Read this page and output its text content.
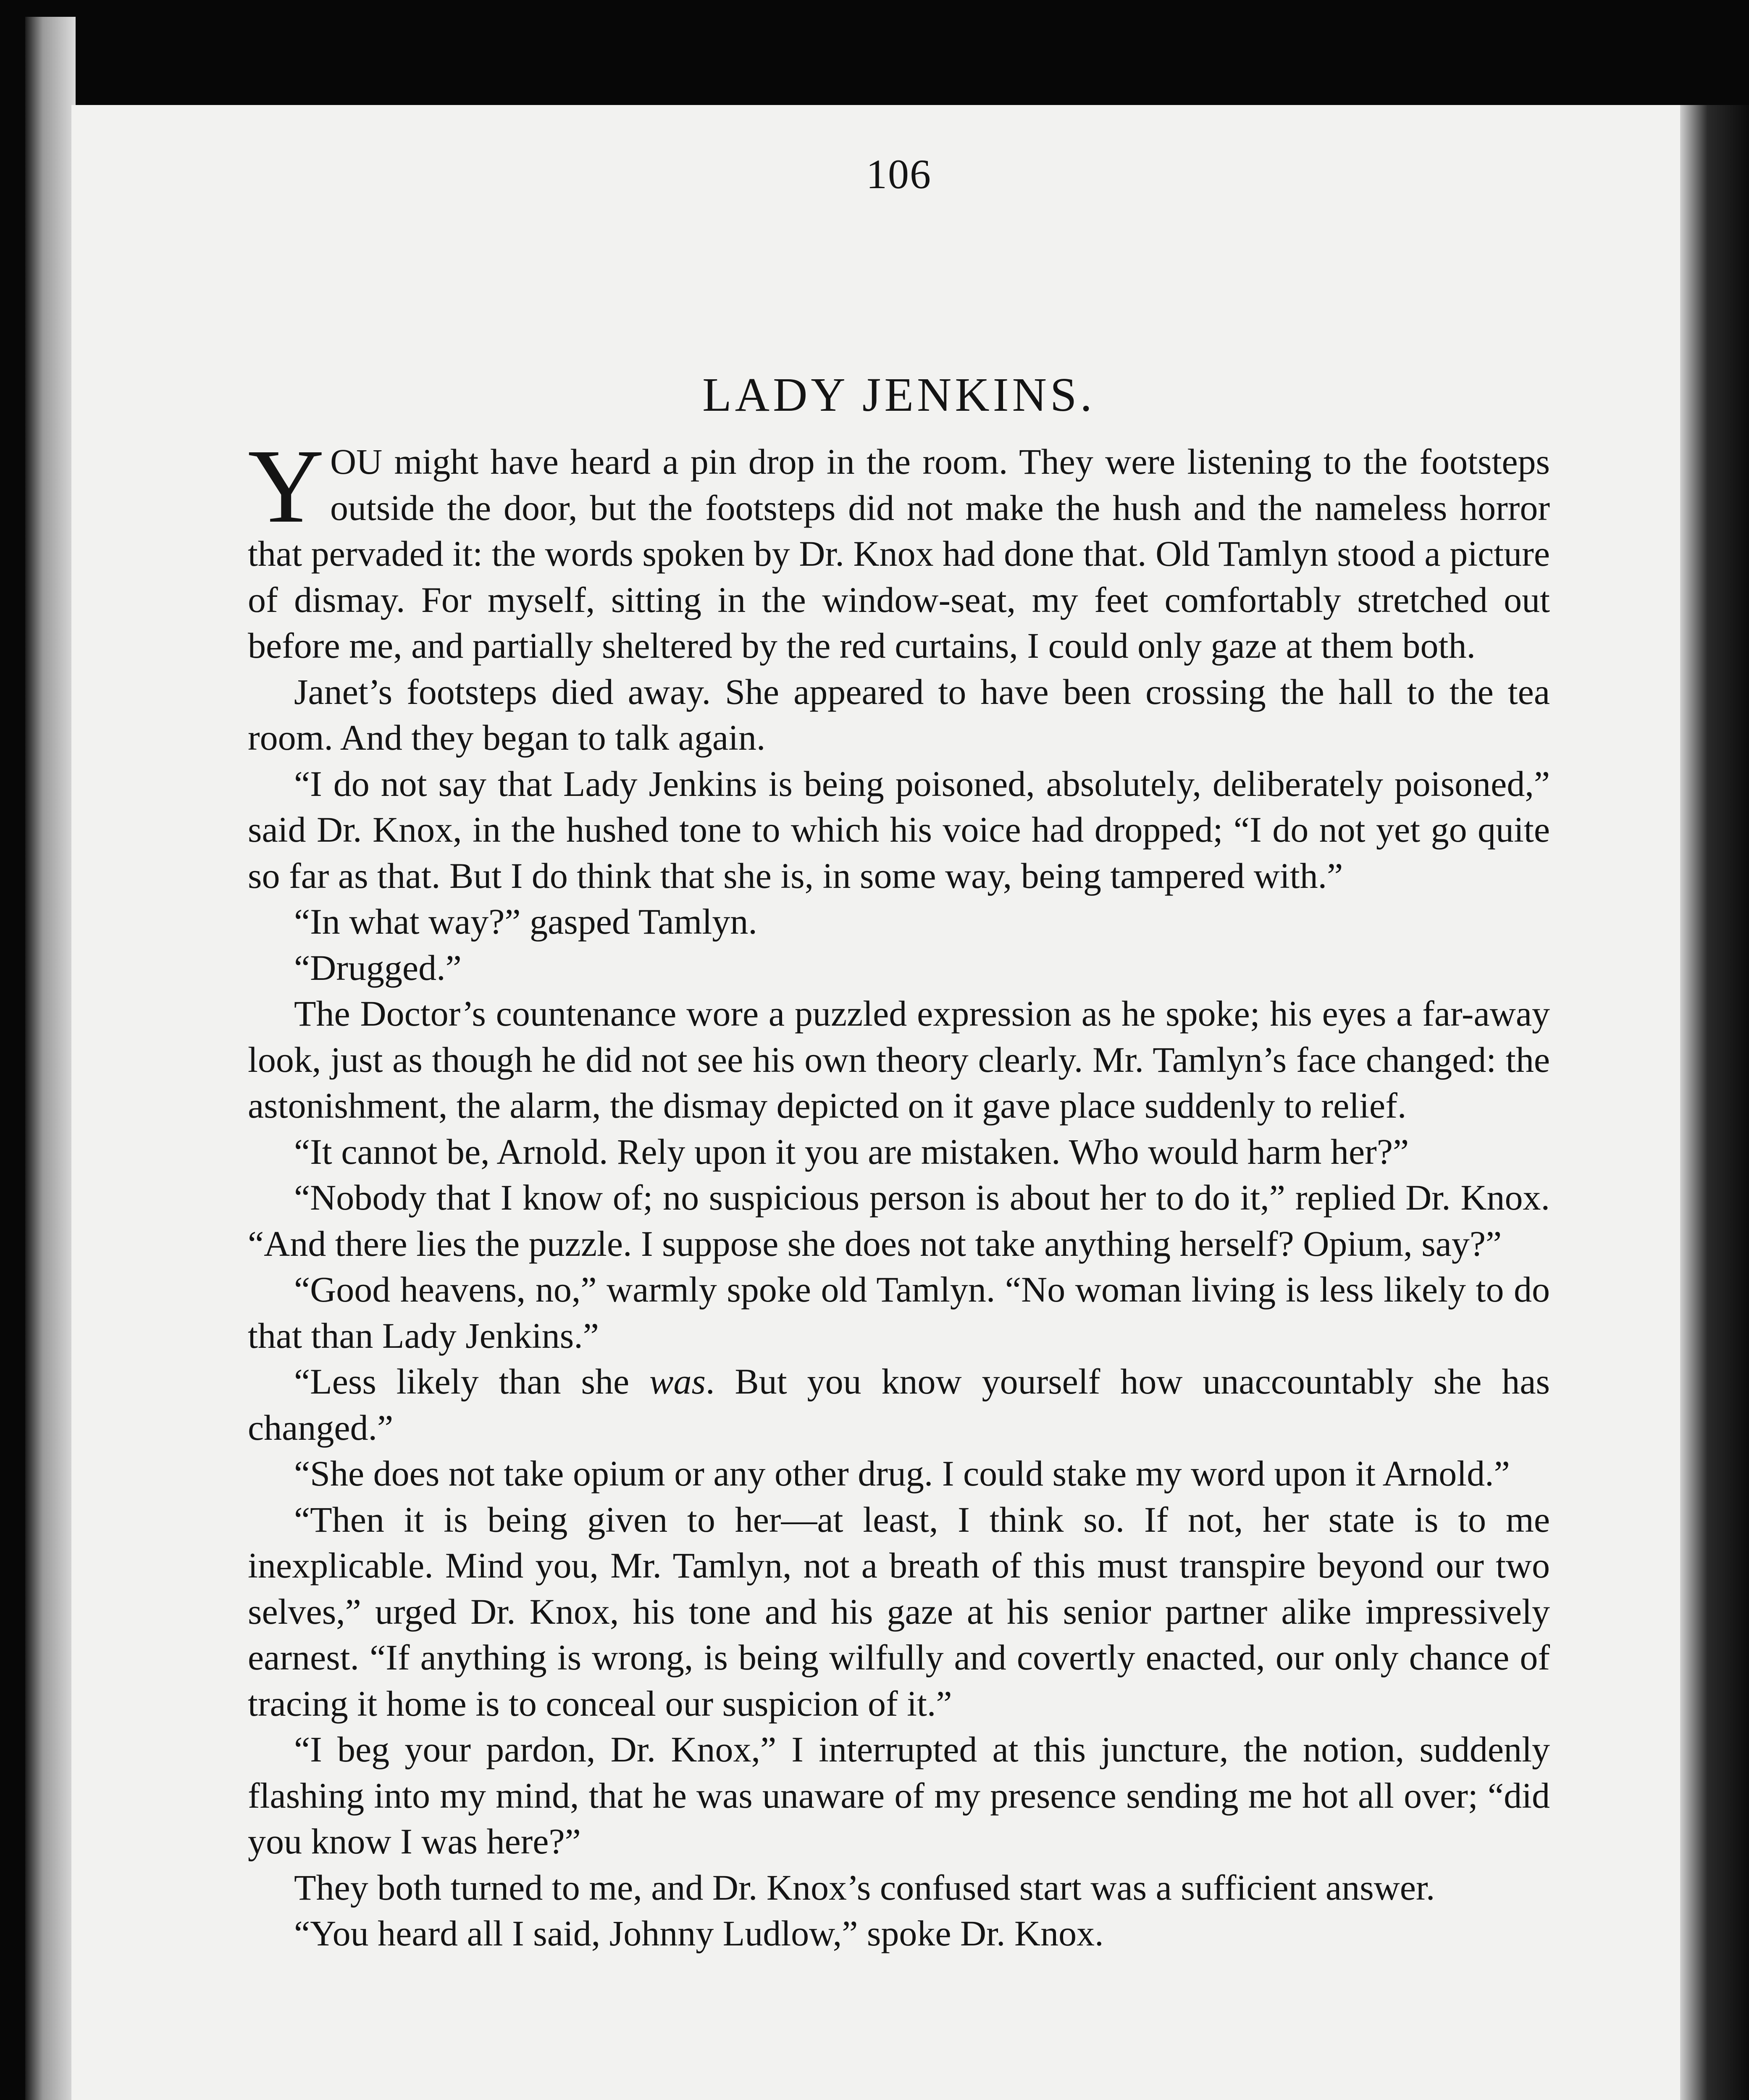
106

LADY JENKINS.

YOU might have heard a pin drop in the room. They were listening to the footsteps outside the door, but the footsteps did not make the hush and the nameless horror that pervaded it: the words spoken by Dr. Knox had done that. Old Tamlyn stood a picture of dismay. For myself, sitting in the window-seat, my feet comfortably stretched out before me, and partially sheltered by the red curtains, I could only gaze at them both.

Janet’s footsteps died away. She appeared to have been crossing the hall to the tea room. And they began to talk again.

“I do not say that Lady Jenkins is being poisoned, absolutely, deliberately poisoned,” said Dr. Knox, in the hushed tone to which his voice had dropped; “I do not yet go quite so far as that. But I do think that she is, in some way, being tampered with.”

“In what way?” gasped Tamlyn.

“Drugged.”

The Doctor’s countenance wore a puzzled expression as he spoke; his eyes a far-away look, just as though he did not see his own theory clearly. Mr. Tamlyn’s face changed: the astonishment, the alarm, the dismay depicted on it gave place suddenly to relief.

“It cannot be, Arnold. Rely upon it you are mistaken. Who would harm her?”

“Nobody that I know of; no suspicious person is about her to do it,” replied Dr. Knox. “And there lies the puzzle. I suppose she does not take anything herself? Opium, say?”

“Good heavens, no,” warmly spoke old Tamlyn. “No woman living is less likely to do that than Lady Jenkins.”

“Less likely than she was. But you know yourself how unaccountably she has changed.”

“She does not take opium or any other drug. I could stake my word upon it Arnold.”

“Then it is being given to her—at least, I think so. If not, her state is to me inexplicable. Mind you, Mr. Tamlyn, not a breath of this must transpire beyond our two selves,” urged Dr. Knox, his tone and his gaze at his senior partner alike impressively earnest. “If anything is wrong, is being wilfully and covertly enacted, our only chance of tracing it home is to conceal our suspicion of it.”

“I beg your pardon, Dr. Knox,” I interrupted at this juncture, the notion, suddenly flashing into my mind, that he was unaware of my presence sending me hot all over; “did you know I was here?”

They both turned to me, and Dr. Knox’s confused start was a sufficient answer.

“You heard all I said, Johnny Ludlow,” spoke Dr. Knox.
